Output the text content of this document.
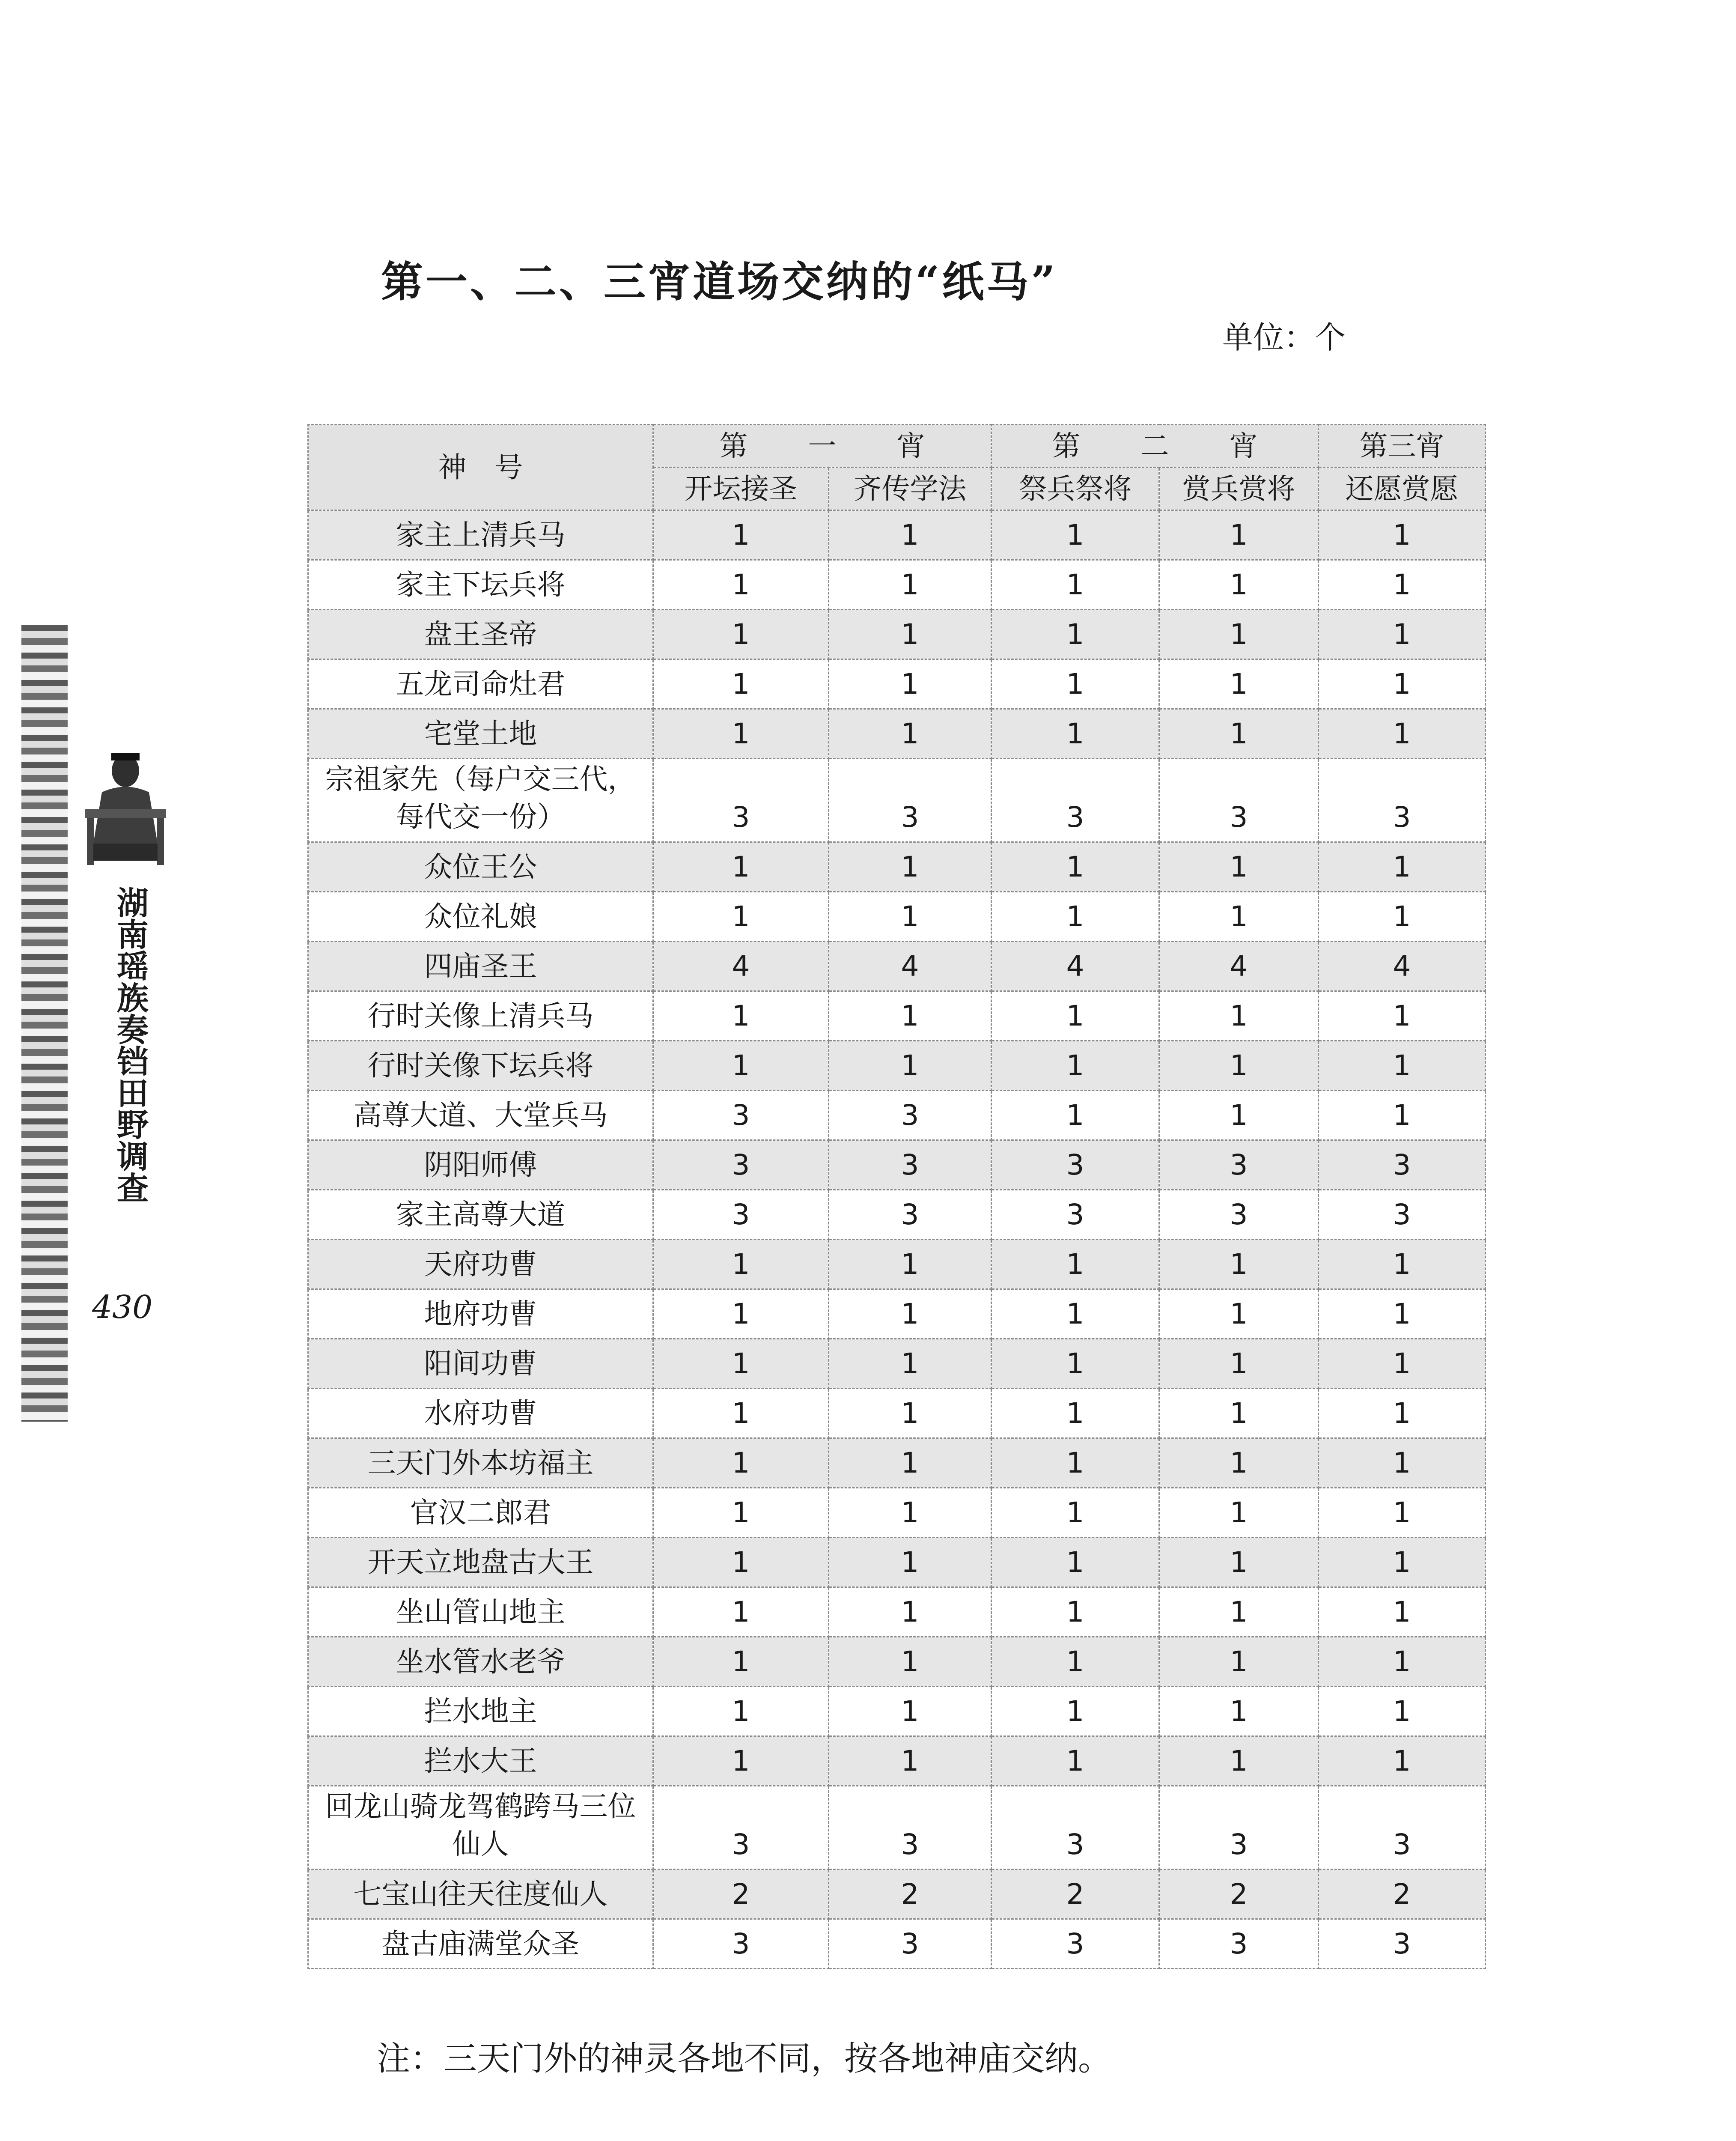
湖南瑶族奏铛田野调查
430
第一、二、三宵道场交纳的“纸马”
单位：个
神　号	第 一 宵		第 二 宵		第三宵
	开坛接圣	齐传学法	祭兵祭将	赏兵赏将	还愿赏愿
家主上清兵马	1	1	1	1	1
家主下坛兵将	1	1	1	1	1
盘王圣帝	1	1	1	1	1
五龙司命灶君	1	1	1	1	1
宅堂土地	1	1	1	1	1
宗祖家先（每户交三代，每代交一份）	3	3	3	3	3
众位王公	1	1	1	1	1
众位礼娘	1	1	1	1	1
四庙圣王	4	4	4	4	4
行时关像上清兵马	1	1	1	1	1
行时关像下坛兵将	1	1	1	1	1
高尊大道、大堂兵马	3	3	1	1	1
阴阳师傅	3	3	3	3	3
家主高尊大道	3	3	3	3	3
天府功曹	1	1	1	1	1
地府功曹	1	1	1	1	1
阳间功曹	1	1	1	1	1
水府功曹	1	1	1	1	1
三天门外本坊福主	1	1	1	1	1
官汉二郎君	1	1	1	1	1
开天立地盘古大王	1	1	1	1	1
坐山管山地主	1	1	1	1	1
坐水管水老爷	1	1	1	1	1
拦水地主	1	1	1	1	1
拦水大王	1	1	1	1	1
回龙山骑龙驾鹤跨马三位仙人	3	3	3	3	3
七宝山往天往度仙人	2	2	2	2	2
盘古庙满堂众圣	3	3	3	3	3
注：三天门外的神灵各地不同，按各地神庙交纳。
